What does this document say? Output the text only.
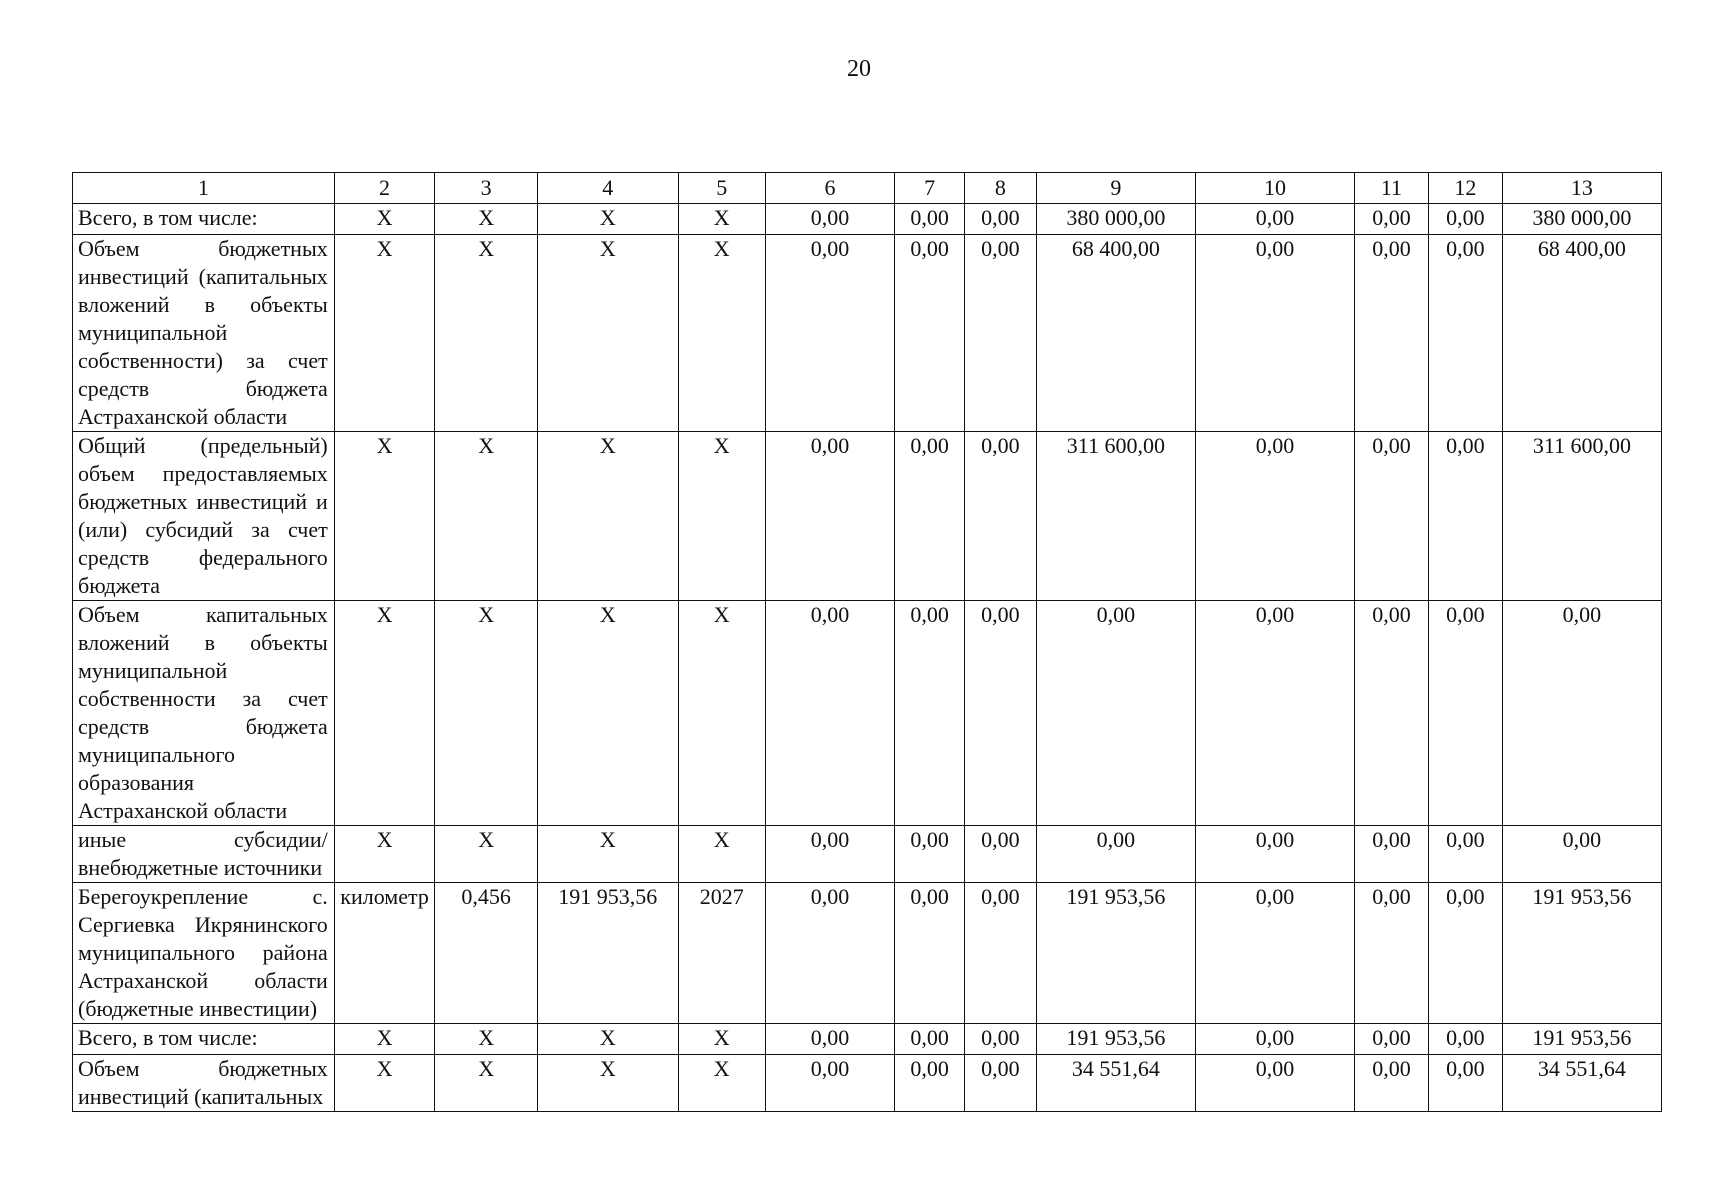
20
1	2	3	4	5	6	7	8	9	10	11	12	13
Всего, в том числе:	Х	Х	Х	Х	0,00	0,00	0,00	380 000,00	0,00	0,00	0,00	380 000,00
Объем бюджетных инвестиций (капитальных вложений в объекты муниципальной собственности) за счет средств бюджета Астраханской области	Х	Х	Х	Х	0,00	0,00	0,00	68 400,00	0,00	0,00	0,00	68 400,00
Общий (предельный) объем предоставляемых бюджетных инвестиций и (или) субсидий за счет средств федерального бюджета	Х	Х	Х	Х	0,00	0,00	0,00	311 600,00	0,00	0,00	0,00	311 600,00
Объем капитальных вложений в объекты муниципальной собственности за счет средств бюджета муниципального образования Астраханской области	Х	Х	Х	Х	0,00	0,00	0,00	0,00	0,00	0,00	0,00	0,00
иные субсидии/ внебюджетные источники	Х	Х	Х	Х	0,00	0,00	0,00	0,00	0,00	0,00	0,00	0,00
Берегоукрепление с. Сергиевка Икрянинского муниципального района Астраханской области (бюджетные инвестиции)	километр	0,456	191 953,56	2027	0,00	0,00	0,00	191 953,56	0,00	0,00	0,00	191 953,56
Всего, в том числе:	Х	Х	Х	Х	0,00	0,00	0,00	191 953,56	0,00	0,00	0,00	191 953,56
Объем бюджетных инвестиций (капитальных	Х	Х	Х	Х	0,00	0,00	0,00	34 551,64	0,00	0,00	0,00	34 551,64
